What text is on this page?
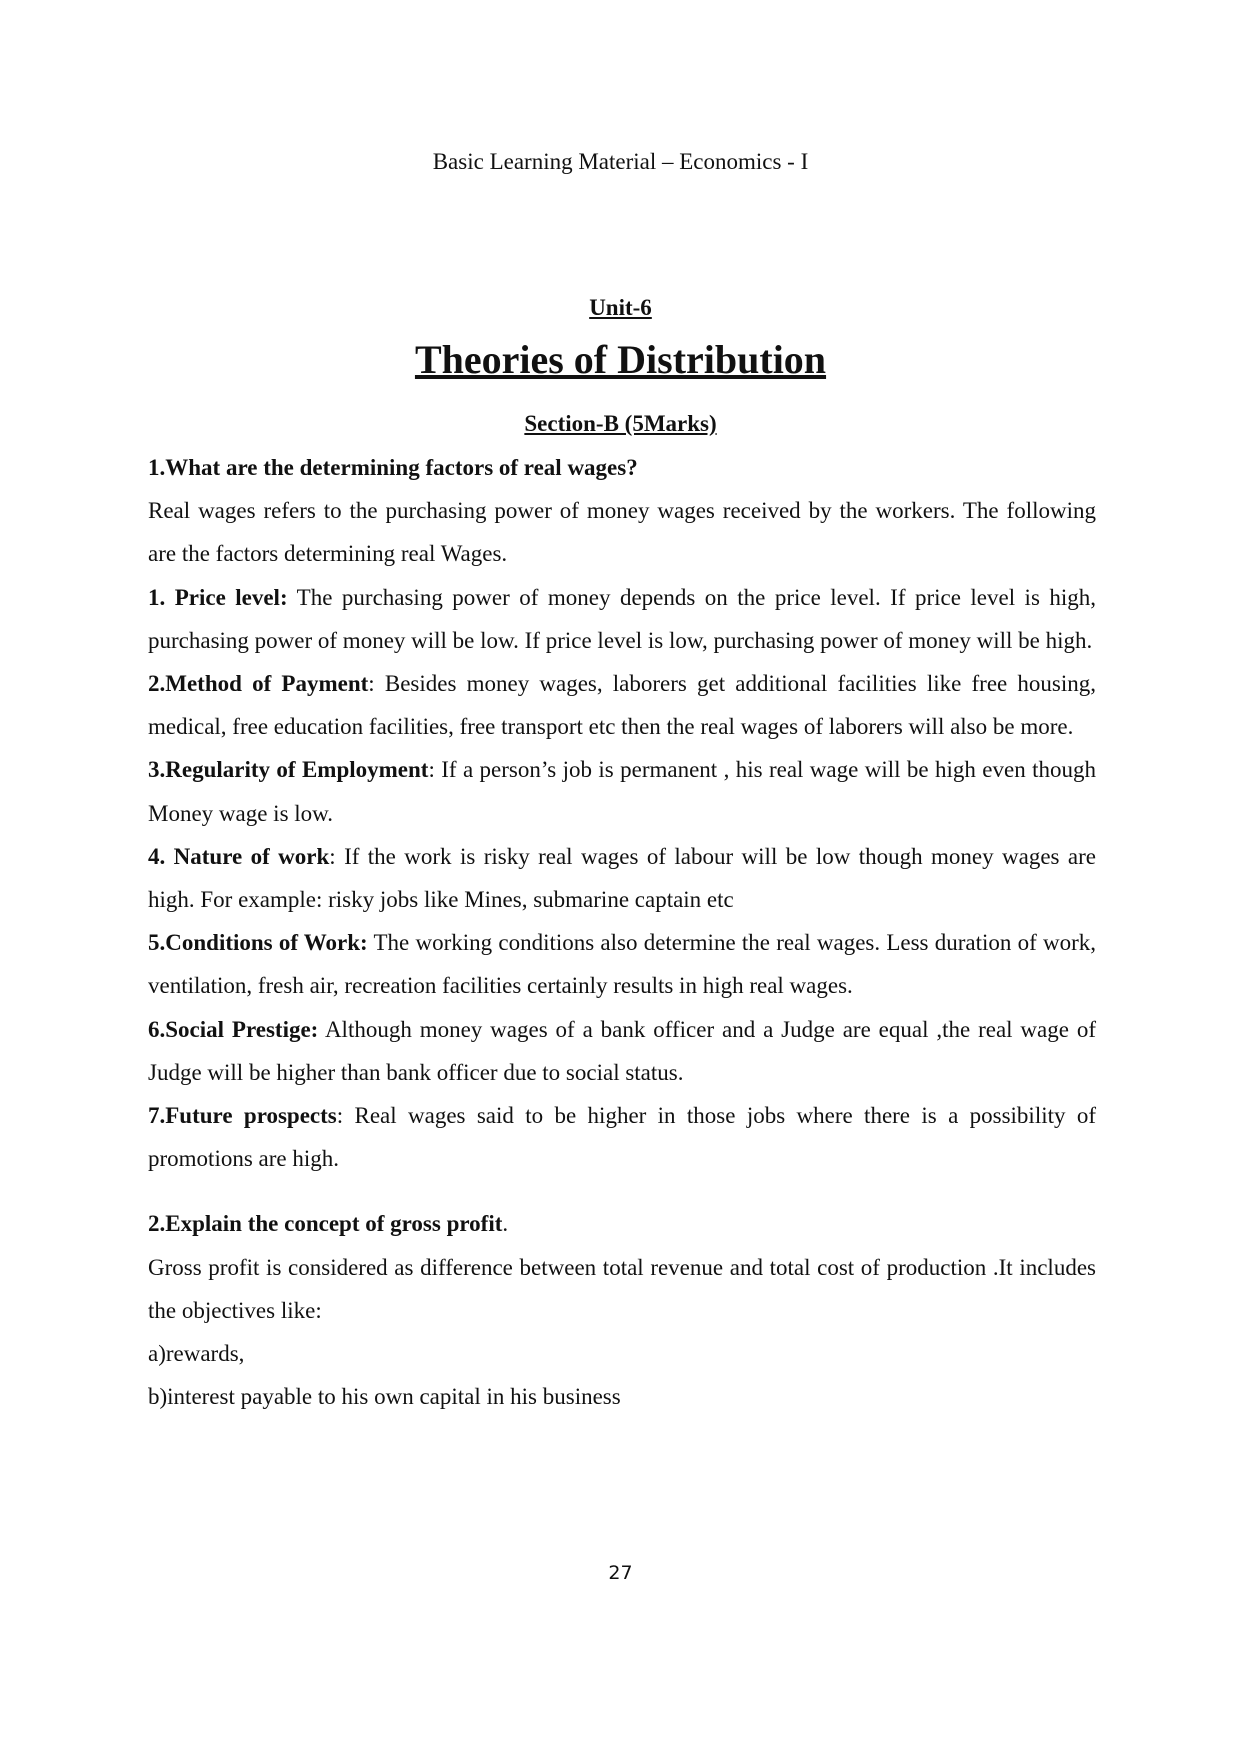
Basic Learning Material – Economics - I
Unit-6
Theories of Distribution
Section-B (5Marks)

1.What are the determining factors of real wages?

Real wages refers to the purchasing power of money wages received by the workers. The following are the factors determining real Wages.

1. Price level: The purchasing power of money depends on the price level. If price level is high, purchasing power of money will be low. If price level is low, purchasing power of money will be high.

2.Method of Payment: Besides money wages, laborers get additional facilities like free housing, medical, free education facilities, free transport etc then the real wages of laborers will also be more.

3.Regularity of Employment: If a person’s job is permanent , his real wage will be high even though Money wage is low.

4. Nature of work: If the work is risky real wages of labour will be low though money wages are high. For example: risky jobs like Mines, submarine captain etc

5.Conditions of Work: The working conditions also determine the real wages. Less duration of work, ventilation, fresh air, recreation facilities certainly results in high real wages.

6.Social Prestige: Although money wages of a bank officer and a Judge are equal ,the real wage of Judge will be higher than bank officer due to social status.

7.Future prospects: Real wages said to be higher in those jobs where there is a possibility of promotions are high.

2.Explain the concept of gross profit.

Gross profit is considered as difference between total revenue and total cost of production .It includes the objectives like:

a)rewards,

b)interest payable to his own capital in his business

27
